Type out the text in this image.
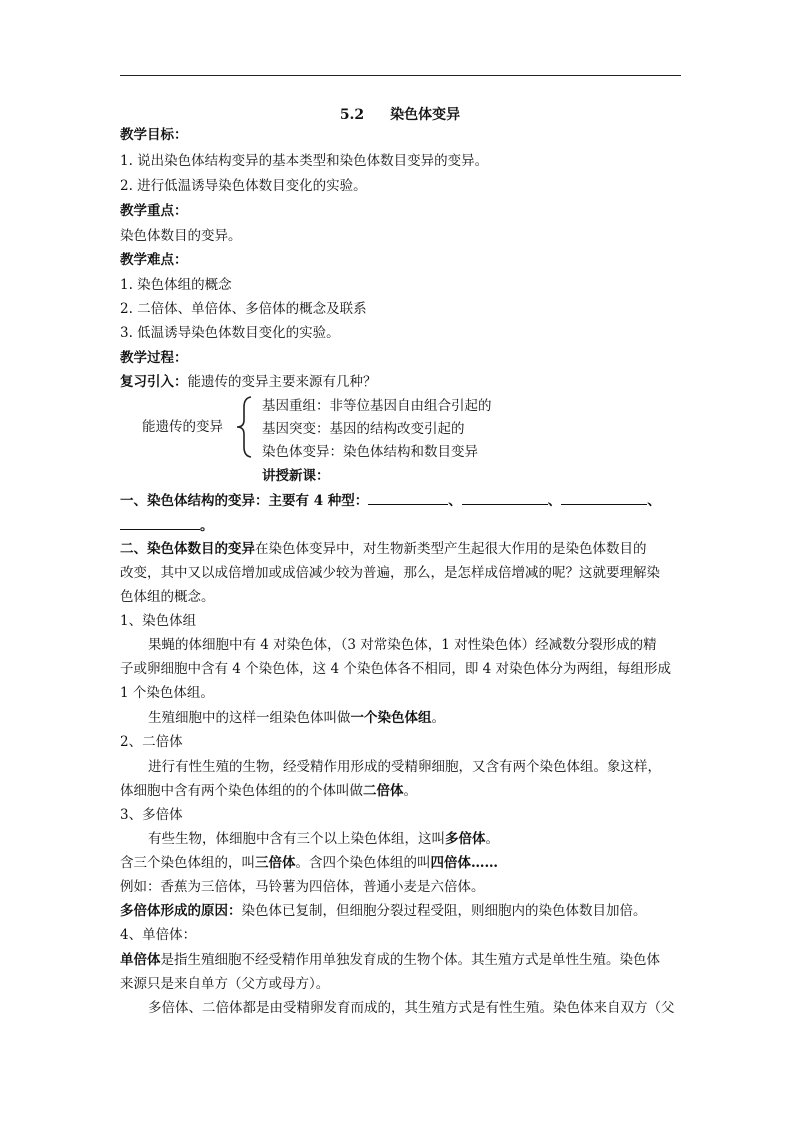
5.2 染色体变异
教学目标：
1. 说出染色体结构变异的基本类型和染色体数目变异的变异。
2. 进行低温诱导染色体数目变化的实验。
教学重点：
染色体数目的变异。
教学难点：
1. 染色体组的概念
2. 二倍体、单倍体、多倍体的概念及联系
3. 低温诱导染色体数目变化的实验。
教学过程：
复习引入：能遗传的变异主要来源有几种？
能遗传的变异
基因重组：非等位基因自由组合引起的
基因突变：基因的结构改变引起的
染色体变异：染色体结构和数目变异
讲授新课：
一、染色体结构的变异：主要有 4 种型：	、	、	、
。
二、染色体数目的变异在染色体变异中，对生物新类型产生起很大作用的是染色体数目的
改变，其中又以成倍增加或成倍减少较为普遍，那么，是怎样成倍增减的呢？这就要理解染
色体组的概念。
1、染色体组
果蝇的体细胞中有 4 对染色体，（3 对常染色体，1 对性染色体）经减数分裂形成的精
子或卵细胞中含有 4 个染色体，这 4 个染色体各不相同，即 4 对染色体分为两组，每组形成
1 个染色体组。
生殖细胞中的这样一组染色体叫做一个染色体组。
2、二倍体
进行有性生殖的生物，经受精作用形成的受精卵细胞，又含有两个染色体组。象这样，
体细胞中含有两个染色体组的的个体叫做二倍体。
3、多倍体
有些生物，体细胞中含有三个以上染色体组，这叫多倍体。
含三个染色体组的，叫三倍体。含四个染色体组的叫四倍体……
例如：香蕉为三倍体，马铃薯为四倍体，普通小麦是六倍体。
多倍体形成的原因：染色体已复制，但细胞分裂过程受阻，则细胞内的染色体数目加倍。
4、单倍体：
单倍体是指生殖细胞不经受精作用单独发育成的生物个体。其生殖方式是单性生殖。染色体
来源只是来自单方（父方或母方）。
多倍体、二倍体都是由受精卵发育而成的，其生殖方式是有性生殖。染色体来自双方（父
